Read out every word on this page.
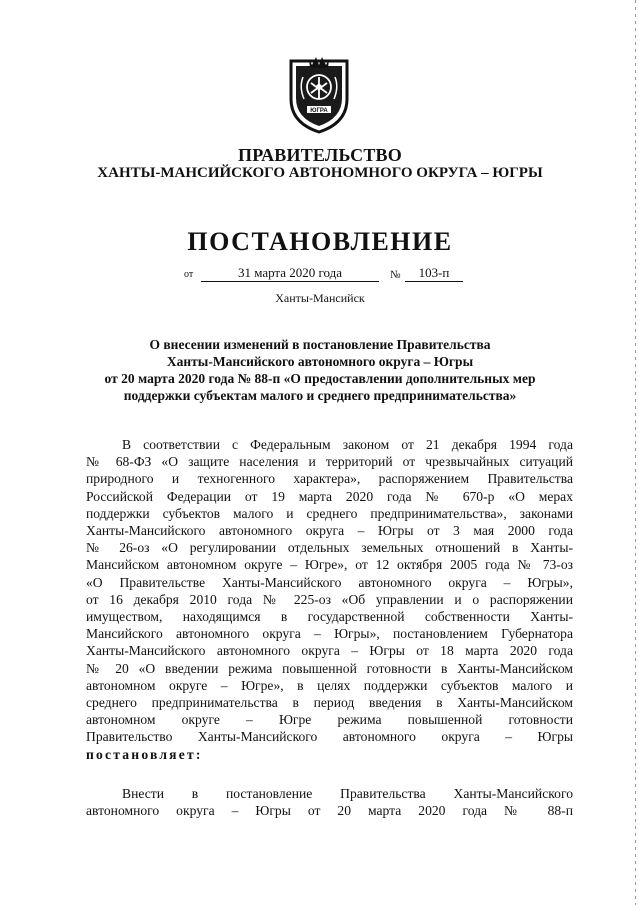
ЮГРА
ПРАВИТЕЛЬСТВО
ХАНТЫ-МАНСИЙСКОГО АВТОНОМНОГО ОКРУГА – ЮГРЫ
ПОСТАНОВЛЕНИЕ
от	31 марта 2020 года	№	103-п
Ханты-Мансийск
О внесении изменений в постановление Правительства
Ханты-Мансийского автономного округа – Югры
от 20 марта 2020 года № 88-п «О предоставлении дополнительных мер
поддержки субъектам малого и среднего предпринимательства»
В соответствии с Федеральным законом от 21 декабря 1994 года
№ 68-ФЗ «О защите населения и территорий от чрезвычайных ситуаций
природного и техногенного характера», распоряжением Правительства
Российской Федерации от 19 марта 2020 года № 670-р «О мерах
поддержки субъектов малого и среднего предпринимательства», законами
Ханты-Мансийского автономного округа – Югры от 3 мая 2000 года
№ 26-оз «О регулировании отдельных земельных отношений в Ханты-
Мансийском автономном округе – Югре», от 12 октября 2005 года № 73-оз
«О Правительстве Ханты-Мансийского автономного округа – Югры»,
от 16 декабря 2010 года № 225-оз «Об управлении и о распоряжении
имуществом, находящимся в государственной собственности Ханты-
Мансийского автономного округа – Югры», постановлением Губернатора
Ханты-Мансийского автономного округа – Югры от 18 марта 2020 года
№ 20 «О введении режима повышенной готовности в Ханты-Мансийском
автономном округе – Югре», в целях поддержки субъектов малого и
среднего предпринимательства в период введения в Ханты-Мансийском
автономном округе – Югре режима повышенной готовности
Правительство Ханты-Мансийского автономного округа – Югры
постановляет:
Внести в постановление Правительства Ханты-Мансийского
автономного округа – Югры от 20 марта 2020 года № 88-п
